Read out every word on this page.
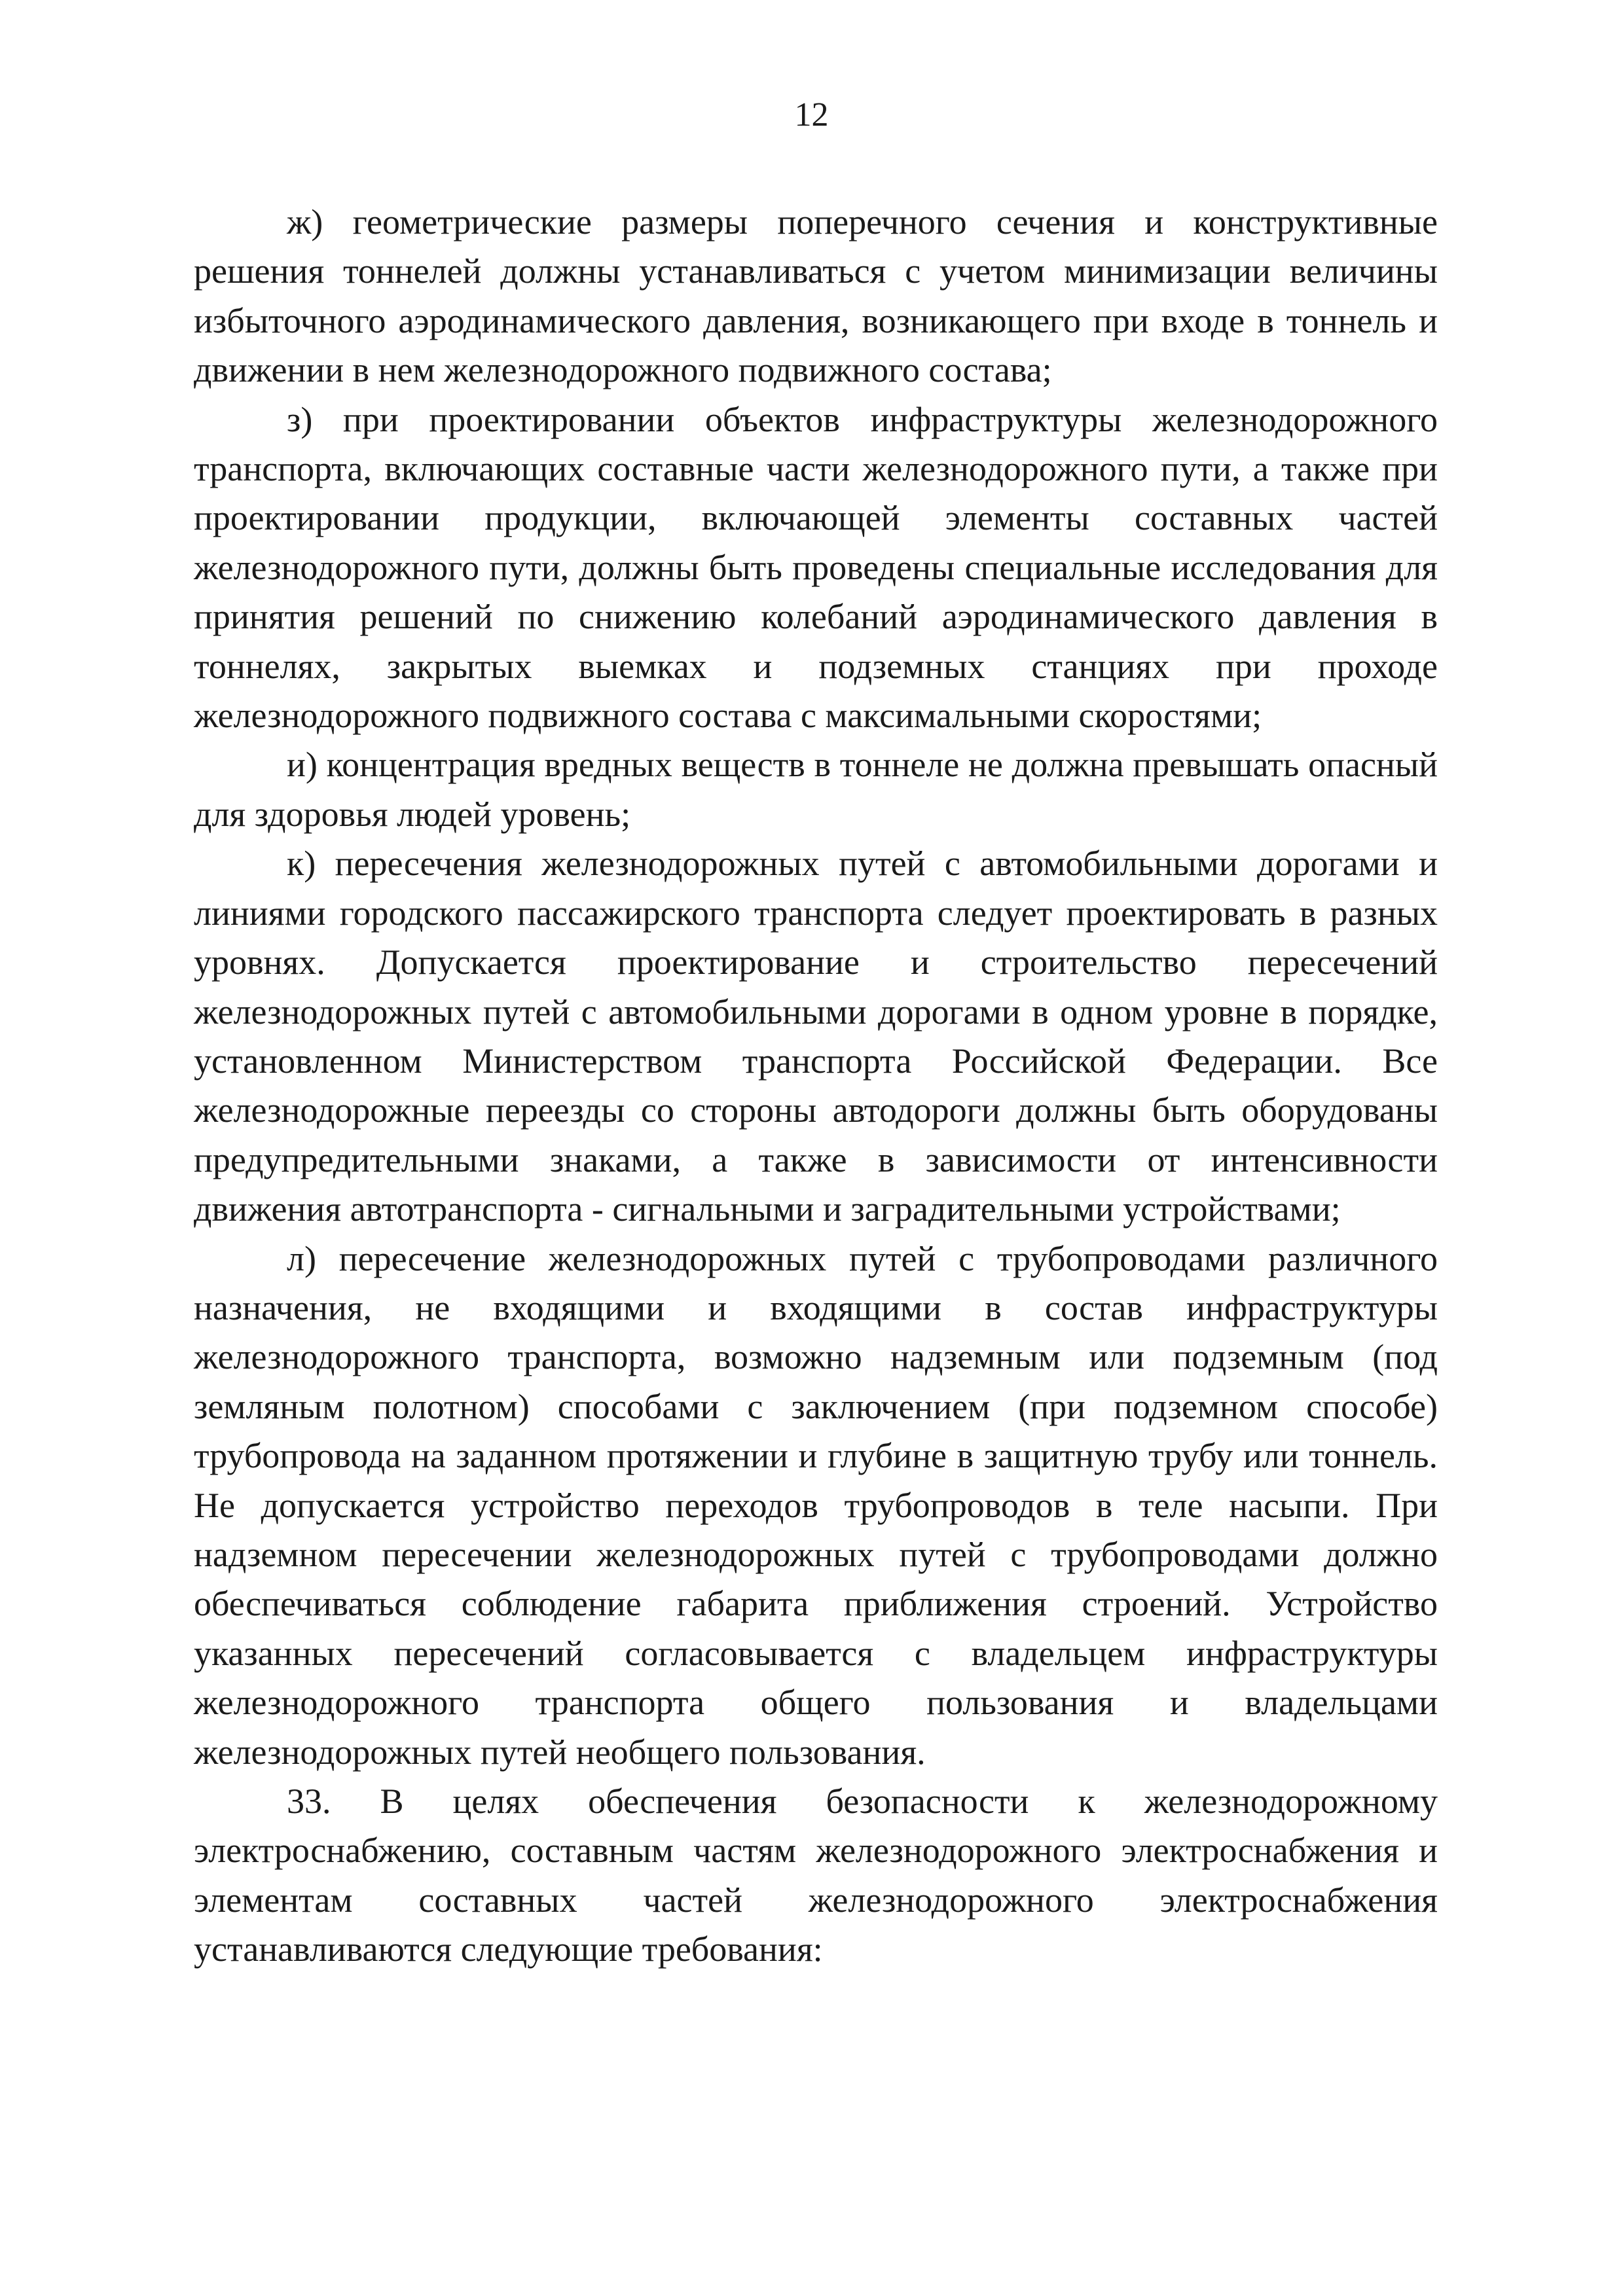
12

ж) геометрические размеры поперечного сечения и конструктивные решения тоннелей должны устанавливаться с учетом минимизации величины избыточного аэродинамического давления, возникающего при входе в тоннель и движении в нем железнодорожного подвижного состава;

з) при проектировании объектов инфраструктуры железнодорожного транспорта, включающих составные части железнодорожного пути, а также при проектировании продукции, включающей элементы составных частей железнодорожного пути, должны быть проведены специальные исследования для принятия решений по снижению колебаний аэродинамического давления в тоннелях, закрытых выемках и подземных станциях при проходе железнодорожного подвижного состава с максимальными скоростями;

и) концентрация вредных веществ в тоннеле не должна превышать опасный для здоровья людей уровень;

к) пересечения железнодорожных путей с автомобильными дорогами и линиями городского пассажирского транспорта следует проектировать в разных уровнях. Допускается проектирование и строительство пересечений железнодорожных путей с автомобильными дорогами в одном уровне в порядке, установленном Министерством транспорта Российской Федерации. Все железнодорожные переезды со стороны автодороги должны быть оборудованы предупредительными знаками, а также в зависимости от интенсивности движения автотранспорта - сигнальными и заградительными устройствами;

л) пересечение железнодорожных путей с трубопроводами различного назначения, не входящими и входящими в состав инфраструктуры железнодорожного транспорта, возможно надземным или подземным (под земляным полотном) способами с заключением (при подземном способе) трубопровода на заданном протяжении и глубине в защитную трубу или тоннель. Не допускается устройство переходов трубопроводов в теле насыпи. При надземном пересечении железнодорожных путей с трубопроводами должно обеспечиваться соблюдение габарита приближения строений. Устройство указанных пересечений согласовывается с владельцем инфраструктуры железнодорожного транспорта общего пользования и владельцами железнодорожных путей необщего пользования.

33. В целях обеспечения безопасности к железнодорожному электроснабжению, составным частям железнодорожного электроснабжения и элементам составных частей железнодорожного электроснабжения устанавливаются следующие требования:
